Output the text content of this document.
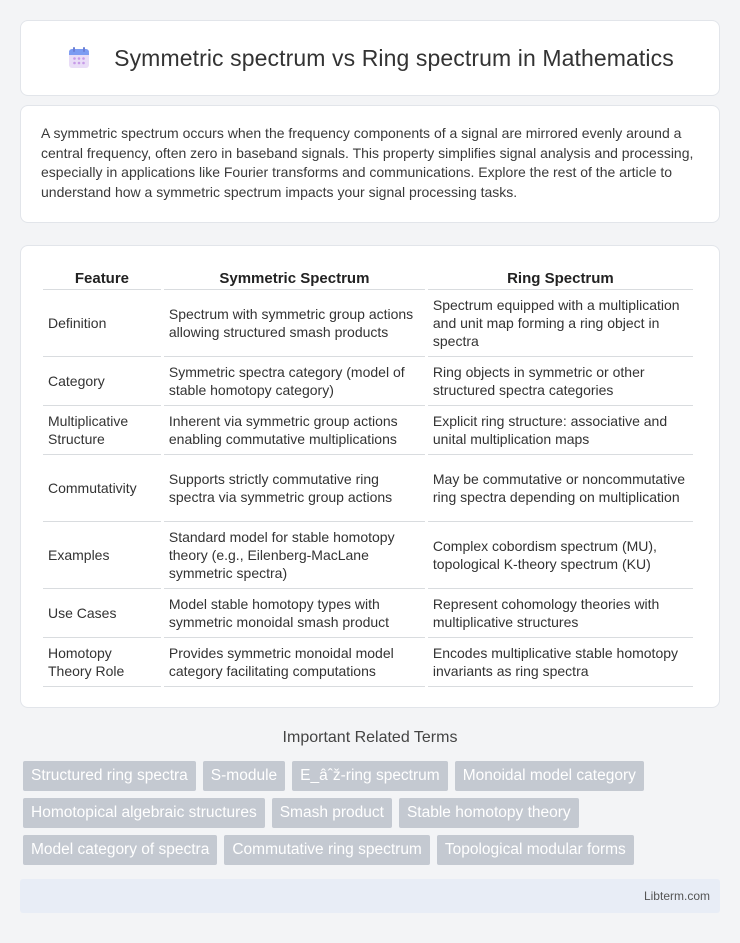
Symmetric spectrum vs Ring spectrum in Mathematics

A symmetric spectrum occurs when the frequency components of a signal are mirrored evenly around a central frequency, often zero in baseband signals. This property simplifies signal analysis and processing, especially in applications like Fourier transforms and communications. Explore the rest of the article to understand how a symmetric spectrum impacts your signal processing tasks.

Feature	Symmetric Spectrum	Ring Spectrum
Definition	Spectrum with symmetric group actions allowing structured smash products	Spectrum equipped with a multiplication and unit map forming a ring object in spectra
Category	Symmetric spectra category (model of stable homotopy category)	Ring objects in symmetric or other structured spectra categories
Multiplicative Structure	Inherent via symmetric group actions enabling commutative multiplications	Explicit ring structure: associative and unital multiplication maps
Commutativity	Supports strictly commutative ring spectra via symmetric group actions	May be commutative or noncommutative ring spectra depending on multiplication
Examples	Standard model for stable homotopy theory (e.g., Eilenberg-MacLane symmetric spectra)	Complex cobordism spectrum (MU), topological K-theory spectrum (KU)
Use Cases	Model stable homotopy types with symmetric monoidal smash product	Represent cohomology theories with multiplicative structures
Homotopy Theory Role	Provides symmetric monoidal model category facilitating computations	Encodes multiplicative stable homotopy invariants as ring spectra
Important Related Terms
Structured ring spectra	S-module	E_âˆž-ring spectrum	Monoidal model category
Homotopical algebraic structures	Smash product	Stable homotopy theory
Model category of spectra	Commutative ring spectrum	Topological modular forms
Libterm.com
